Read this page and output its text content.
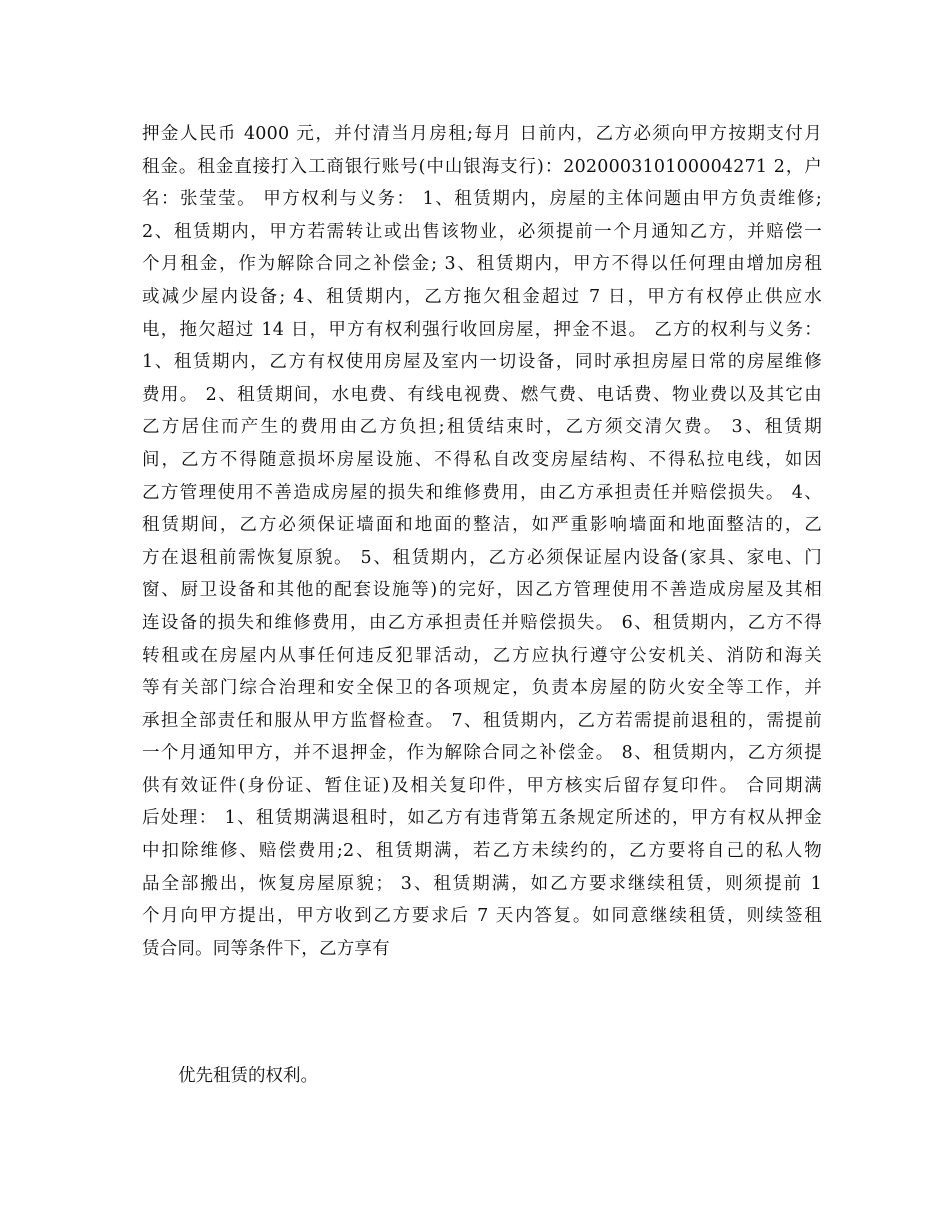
押金人民币 4000 元，并付清当月房租;每月 日前内，乙方必须向甲方按期支付月
租金。租金直接打入工商银行账号(中山银海支行)：202000310100004271 2，户
名：张莹莹。 甲方权利与义务： 1、租赁期内，房屋的主体问题由甲方负责维修;
2、租赁期内，甲方若需转让或出售该物业，必须提前一个月通知乙方，并赔偿一
个月租金，作为解除合同之补偿金; 3、租赁期内，甲方不得以任何理由增加房租
或减少屋内设备; 4、租赁期内，乙方拖欠租金超过 7 日，甲方有权停止供应水
电，拖欠超过 14 日，甲方有权利强行收回房屋，押金不退。 乙方的权利与义务：
1、租赁期内，乙方有权使用房屋及室内一切设备，同时承担房屋日常的房屋维修
费用。 2、租赁期间，水电费、有线电视费、燃气费、电话费、物业费以及其它由
乙方居住而产生的费用由乙方负担;租赁结束时，乙方须交清欠费。 3、租赁期
间，乙方不得随意损坏房屋设施、不得私自改变房屋结构、不得私拉电线，如因
乙方管理使用不善造成房屋的损失和维修费用，由乙方承担责任并赔偿损失。 4、
租赁期间，乙方必须保证墙面和地面的整洁，如严重影响墙面和地面整洁的，乙
方在退租前需恢复原貌。 5、租赁期内，乙方必须保证屋内设备(家具、家电、门
窗、厨卫设备和其他的配套设施等)的完好，因乙方管理使用不善造成房屋及其相
连设备的损失和维修费用，由乙方承担责任并赔偿损失。 6、租赁期内，乙方不得
转租或在房屋内从事任何违反犯罪活动，乙方应执行遵守公安机关、消防和海关
等有关部门综合治理和安全保卫的各项规定，负责本房屋的防火安全等工作，并
承担全部责任和服从甲方监督检查。 7、租赁期内，乙方若需提前退租的，需提前
一个月通知甲方，并不退押金，作为解除合同之补偿金。 8、租赁期内，乙方须提
供有效证件(身份证、暂住证)及相关复印件，甲方核实后留存复印件。 合同期满
后处理： 1、租赁期满退租时，如乙方有违背第五条规定所述的，甲方有权从押金
中扣除维修、赔偿费用;2、租赁期满，若乙方未续约的，乙方要将自己的私人物
品全部搬出，恢复房屋原貌； 3、租赁期满，如乙方要求继续租赁，则须提前 1
个月向甲方提出，甲方收到乙方要求后 7 天内答复。如同意继续租赁，则续签租
赁合同。同等条件下，乙方享有
优先租赁的权利。
